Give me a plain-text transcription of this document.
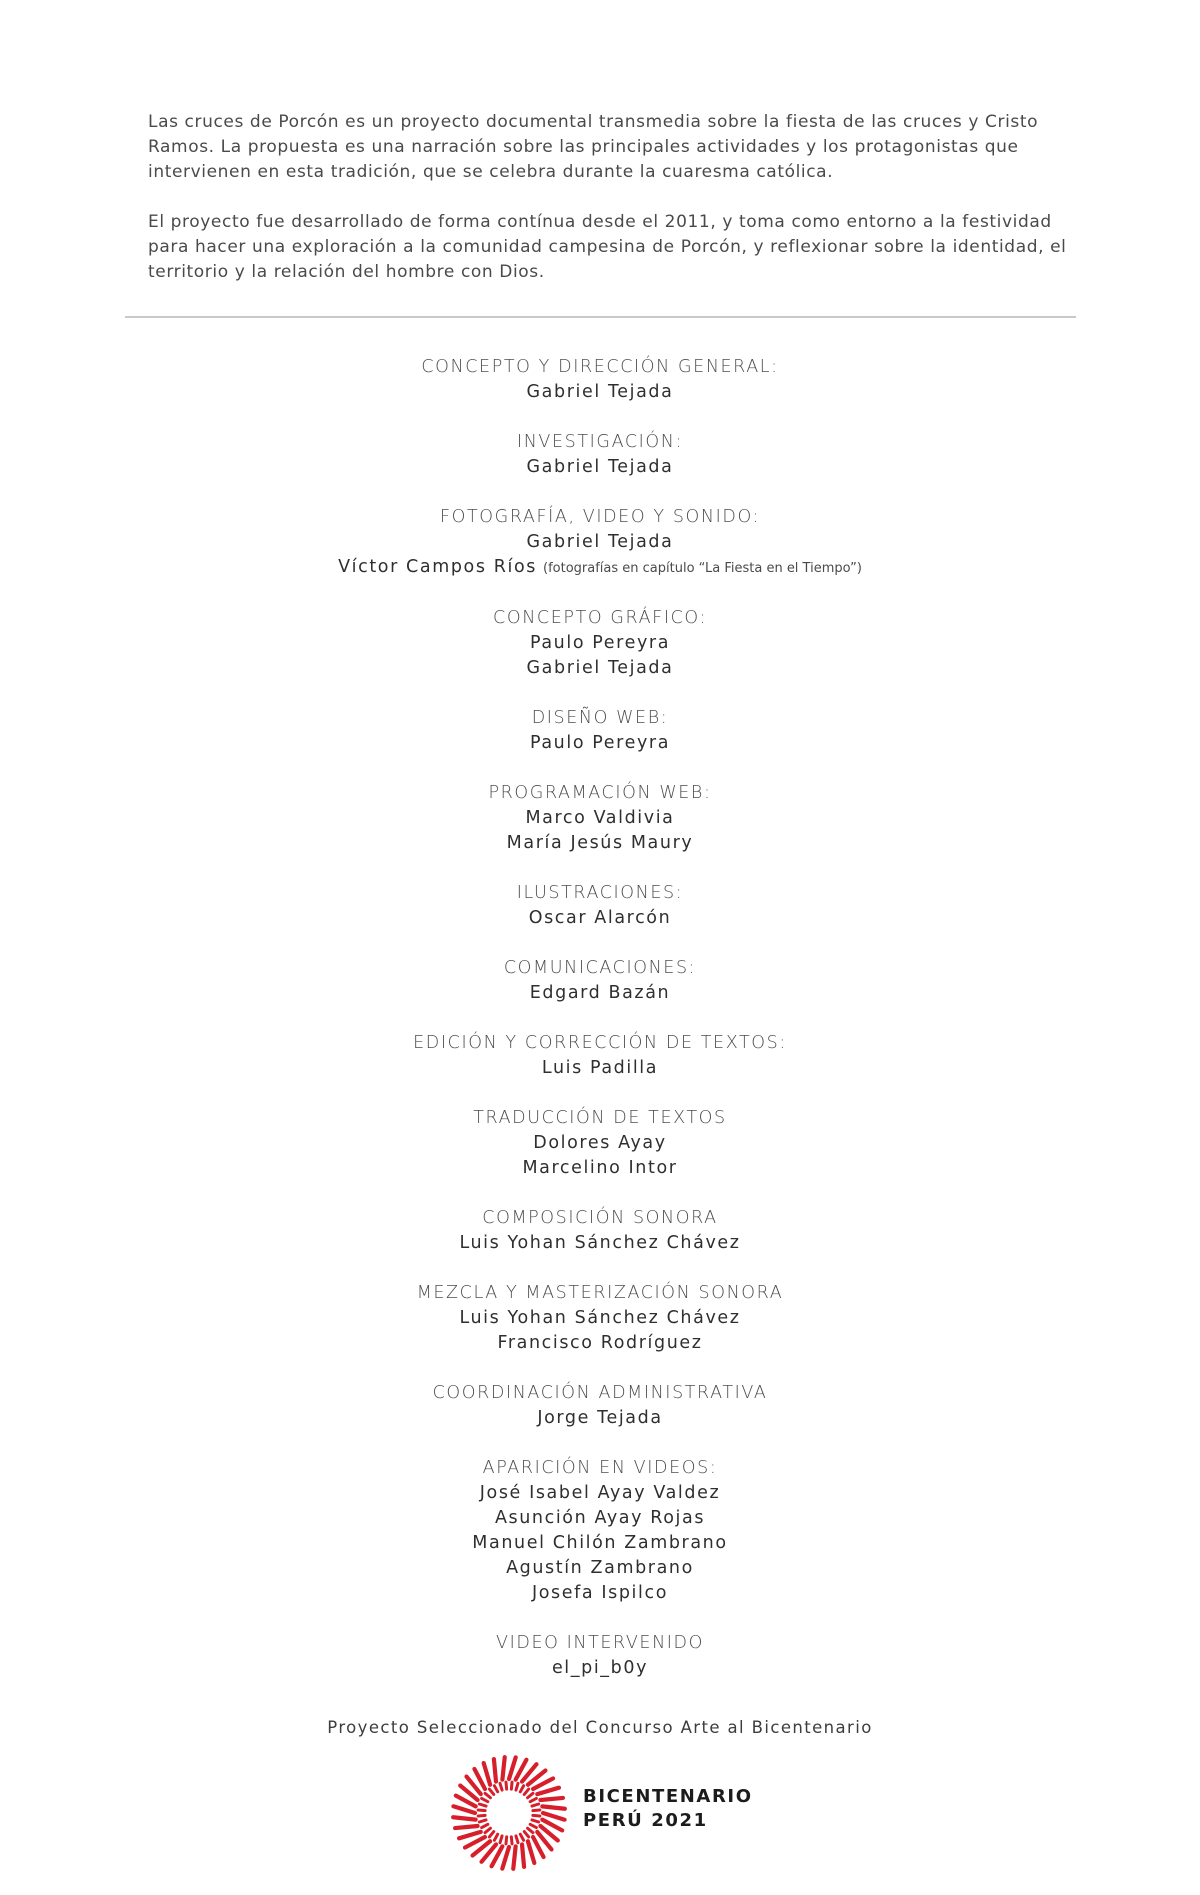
Las cruces de Porcón es un proyecto documental transmedia sobre la fiesta de las cruces y Cristo Ramos. La propuesta es una narración sobre las principales actividades y los protagonistas que intervienen en esta tradición, que se celebra durante la cuaresma católica.

El proyecto fue desarrollado de forma contínua desde el 2011, y toma como entorno a la festividad para hacer una exploración a la comunidad campesina de Porcón, y reflexionar sobre la identidad, el territorio y la relación del hombre con Dios.

CONCEPTO Y DIRECCIÓN GENERAL:
Gabriel Tejada
INVESTIGACIÓN:
Gabriel Tejada
FOTOGRAFÍA, VIDEO Y SONIDO:
Gabriel Tejada
Víctor Campos Ríos (fotografías en capítulo “La Fiesta en el Tiempo”)
CONCEPTO GRÁFICO:
Paulo Pereyra
Gabriel Tejada
DISEÑO WEB:
Paulo Pereyra
PROGRAMACIÓN WEB:
Marco Valdivia
María Jesús Maury
ILUSTRACIONES:
Oscar Alarcón
COMUNICACIONES:
Edgard Bazán
EDICIÓN Y CORRECCIÓN DE TEXTOS:
Luis Padilla
TRADUCCIÓN DE TEXTOS
Dolores Ayay
Marcelino Intor
COMPOSICIÓN SONORA
Luis Yohan Sánchez Chávez
MEZCLA Y MASTERIZACIÓN SONORA
Luis Yohan Sánchez Chávez
Francisco Rodríguez
COORDINACIÓN ADMINISTRATIVA
Jorge Tejada
APARICIÓN EN VIDEOS:
José Isabel Ayay Valdez
Asunción Ayay Rojas
Manuel Chilón Zambrano
Agustín Zambrano
Josefa Ispilco
VIDEO INTERVENIDO
el_pi_b0y
Proyecto Seleccionado del Concurso Arte al Bicentenario
BICENTENARIO
PERÚ 2021
